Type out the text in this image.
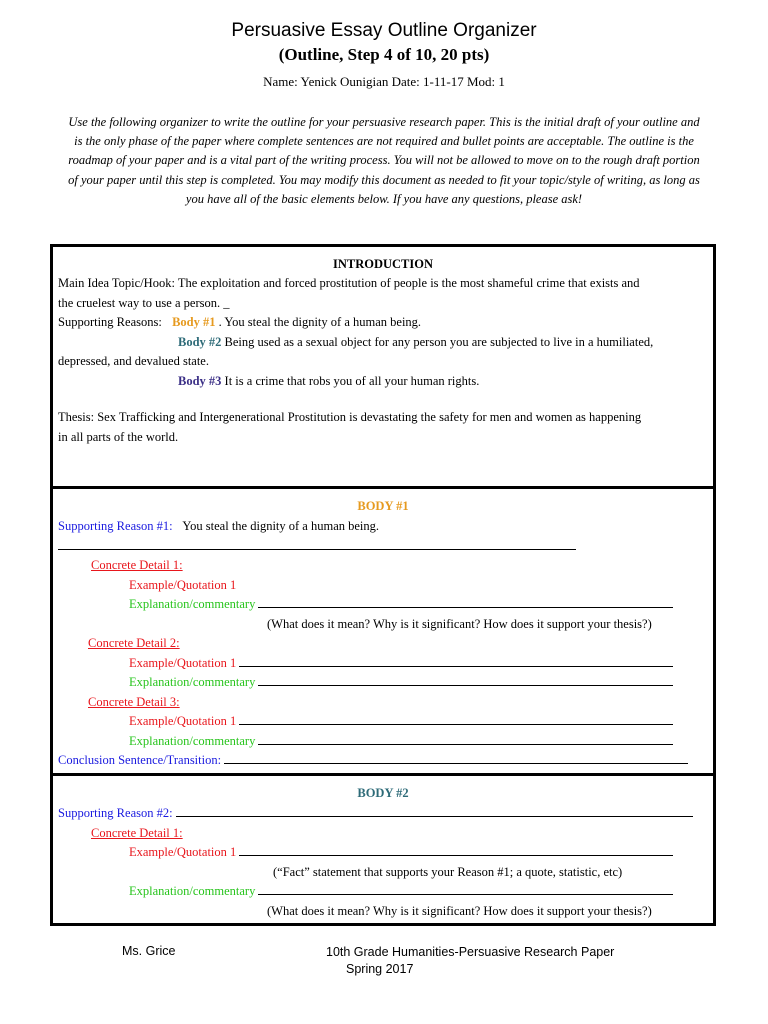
Persuasive Essay Outline Organizer
(Outline, Step 4 of 10, 20 pts)
Name: Yenick Ounigian Date: 1-11-17 Mod: 1
Use the following organizer to write the outline for your persuasive research paper. This is the initial draft of your outline and is the only phase of the paper where complete sentences are not required and bullet points are acceptable. The outline is the roadmap of your paper and is a vital part of the writing process. You will not be allowed to move on to the rough draft portion of your paper until this step is completed. You may modify this document as needed to fit your topic/style of writing, as long as you have all of the basic elements below. If you have any questions, please ask!
INTRODUCTION
Main Idea Topic/Hook: The exploitation and forced prostitution of people is the most shameful crime that exists and
the cruelest way to use a person. _
Supporting Reasons: Body #1 . You steal the dignity of a human being.
Body #2 Being used as a sexual object for any person you are subjected to live in a humiliated,
depressed, and devalued state.
Body #3 It is a crime that robs you of all your human rights.
Thesis: Sex Trafficking and Intergenerational Prostitution is devastating the safety for men and women as happening
in all parts of the world.
BODY #1
Supporting Reason #1: You steal the dignity of a human being.
Concrete Detail 1:
Example/Quotation 1
Explanation/commentary
(What does it mean? Why is it significant? How does it support your thesis?)
Concrete Detail 2:
Example/Quotation 1
Explanation/commentary
Concrete Detail 3:
Example/Quotation 1
Explanation/commentary
Conclusion Sentence/Transition:
BODY #2
Supporting Reason #2:
Concrete Detail 1:
Example/Quotation 1
(“Fact” statement that supports your Reason #1; a quote, statistic, etc)
Explanation/commentary
(What does it mean? Why is it significant? How does it support your thesis?)
Ms. Grice	10th Grade Humanities-Persuasive Research Paper
Spring 2017
